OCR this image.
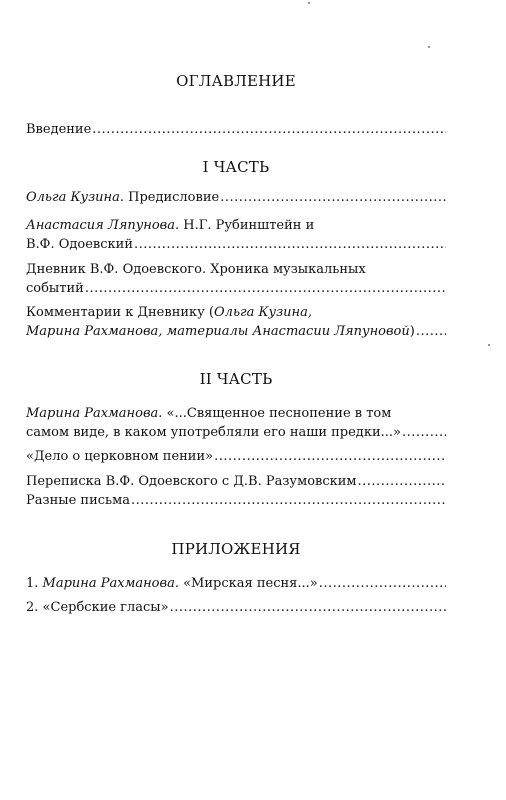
ОГЛАВЛЕНИЕ
Введение
.....
I ЧАСТЬ
Ольга Кузина.
Предисловие
.....
Анастасия Ляпунова.
Н.Г. Рубинштейн и
В.Ф. Одоевский
.....
Дневник В.Ф. Одоевского. Хроника музыкальных
событий
.....
Комментарии к Дневнику ( Ольга Кузина,
Марина Рахманова, материалы Анастасии Ляпуновой )
.....
II ЧАСТЬ
Марина Рахманова.
«...Священное песнопение в том
самом виде, в каком употребляли его наши предки...»
.....
«Дело о церковном пении»
.....
Переписка В.Ф. Одоевского с Д.В. Разумовским
.....
Разные письма
.....
ПРИЛОЖЕНИЯ
1.
Марина Рахманова.
«Мирская песня...»
.....
2.
«Сербские гласы»
.....
